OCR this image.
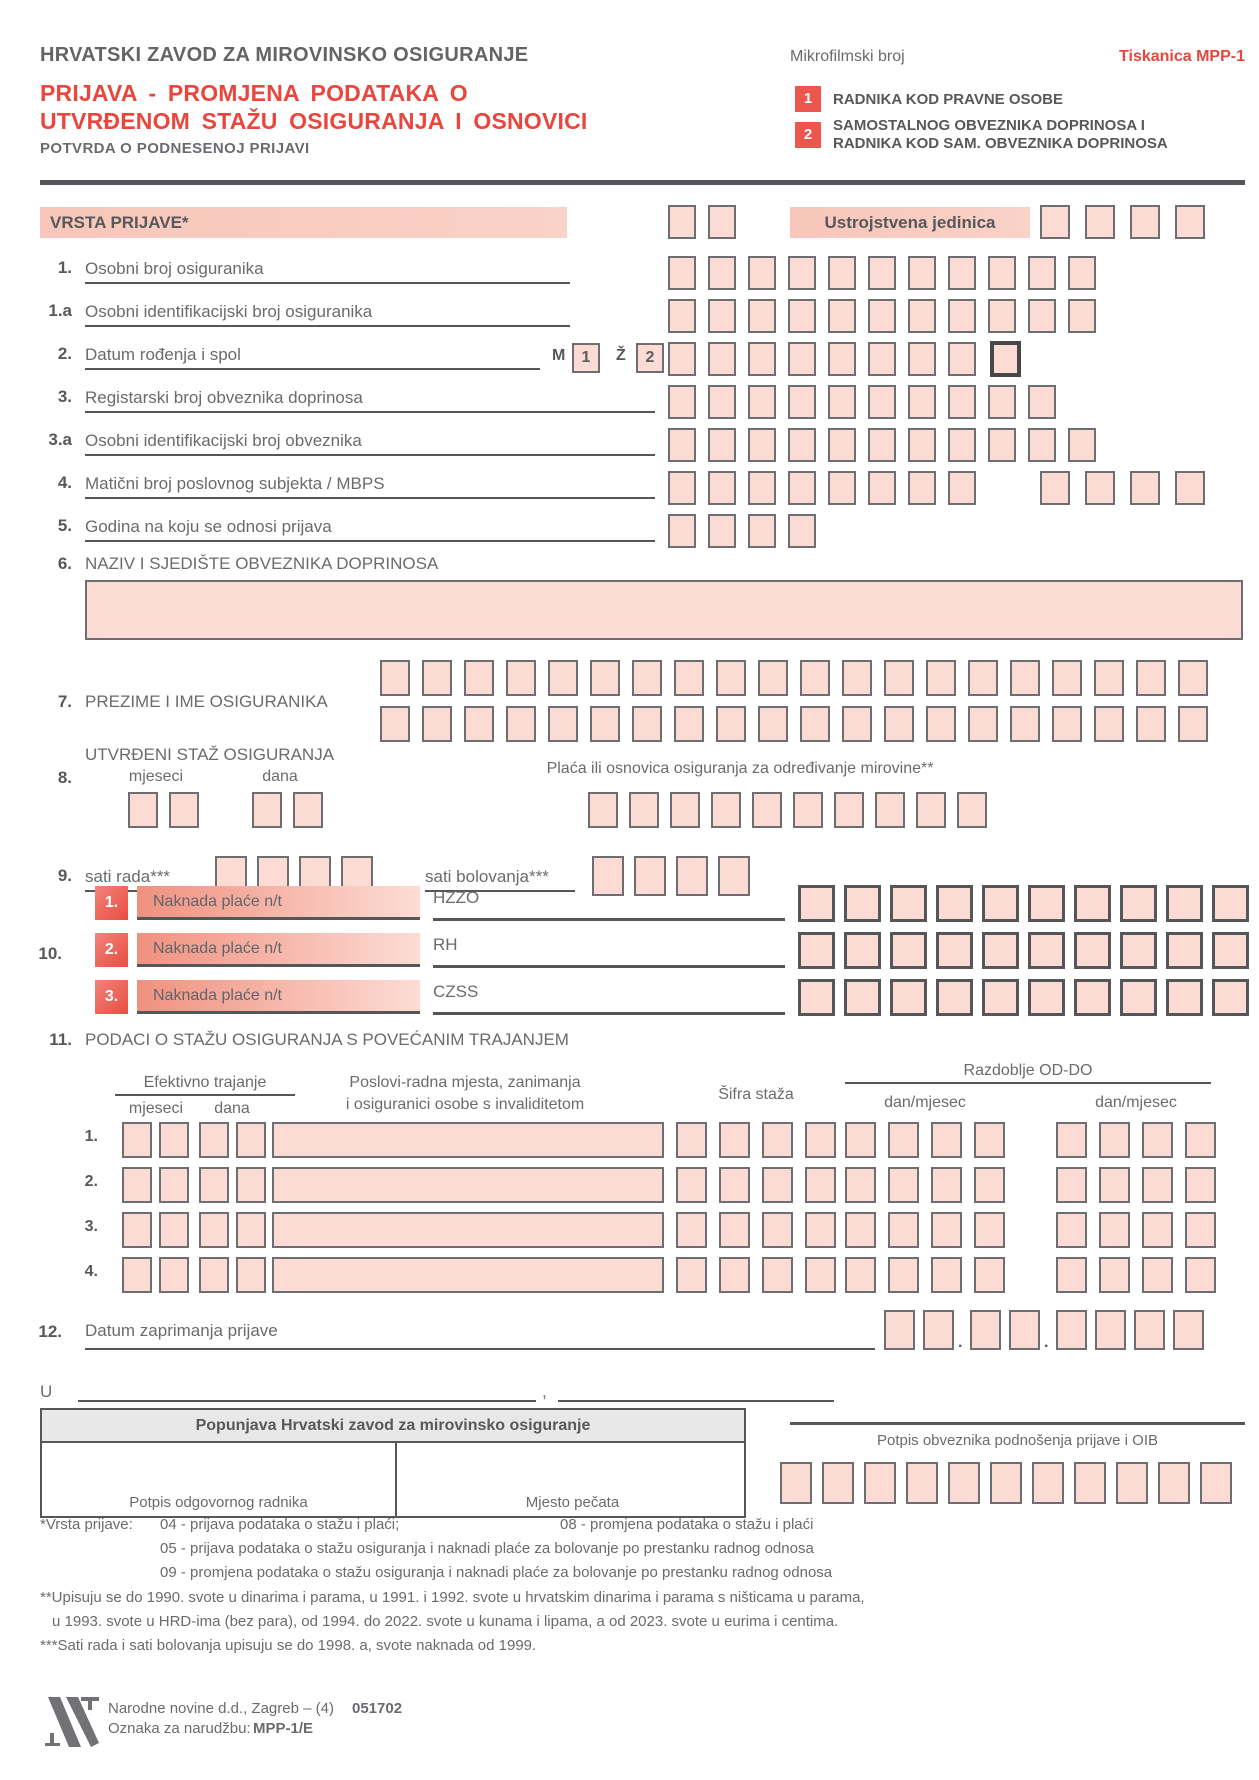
HRVATSKI ZAVOD ZA MIROVINSKO OSIGURANJE
PRIJAVA - PROMJENA PODATAKA O
UTVRĐENOM STAŽU OSIGURANJA I OSNOVICI
POTVRDA O PODNESENOJ PRIJAVI
Mikrofilmski broj	Tiskanica MPP-1
1	RADNIKA KOD PRAVNE OSOBE
2
SAMOSTALNOG OBVEZNIKA DOPRINOSA I
RADNIKA KOD SAM. OBVEZNIKA DOPRINOSA
VRSTA PRIJAVE*	Ustrojstvena jedinica
1. Osobni broj osiguranika
1.a Osobni identifikacijski broj osiguranika
2. Datum rođenja i spol	M	1	Ž	2
3. Registarski broj obveznika doprinosa
3.a Osobni identifikacijski broj obveznika
4. Matični broj poslovnog subjekta / MBPS
5. Godina na koju se odnosi prijava
6. NAZIV I SJEDIŠTE OBVEZNIKA DOPRINOSA
7. PREZIME I IME OSIGURANIKA
UTVRĐENI STAŽ OSIGURANJA
8.	mjeseci	dana	Plaća ili osnovica osiguranja za određivanje mirovine**
9. sati rada***	sati bolovanja***
10.
1.	Naknada plaće n/t	HZZO
2.	Naknada plaće n/t	RH
3.	Naknada plaće n/t	CZSS
11. PODACI O STAŽU OSIGURANJA S POVEĆANIM TRAJANJEM
Efektivno trajanje
mjeseci	dana
Poslovi-radna mjesta, zanimanja
i osiguranici osobe s invaliditetom
Šifra staža
Razdoblje OD-DO
dan/mjesec	dan/mjesec
1.
2.
3.
4.
12. Datum zaprimanja prijave
.	.
U	,
Popunjava Hrvatski zavod za mirovinsko osiguranje
Potpis odgovornog radnika	Mjesto pečata
Potpis obveznika podnošenja prijave i OIB
*Vrsta prijave: 04 - prijava podataka o stažu i plaći;	08 - promjena podataka o stažu i plaći
05 - prijava podataka o stažu osiguranja i naknadi plaće za bolovanje po prestanku radnog odnosa
09 - promjena podataka o stažu osiguranja i naknadi plaće za bolovanje po prestanku radnog odnosa
**Upisuju se do 1990. svote u dinarima i parama, u 1991. i 1992. svote u hrvatskim dinarima i parama s ništicama u parama,
u 1993. svote u HRD-ima (bez para), od 1994. do 2022. svote u kunama i lipama, a od 2023. svote u eurima i centima.
***Sati rada i sati bolovanja upisuju se do 1998. a, svote naknada od 1999.
Narodne novine d.d., Zagreb – (4) 051702
Oznaka za narudžbu: MPP-1/E
